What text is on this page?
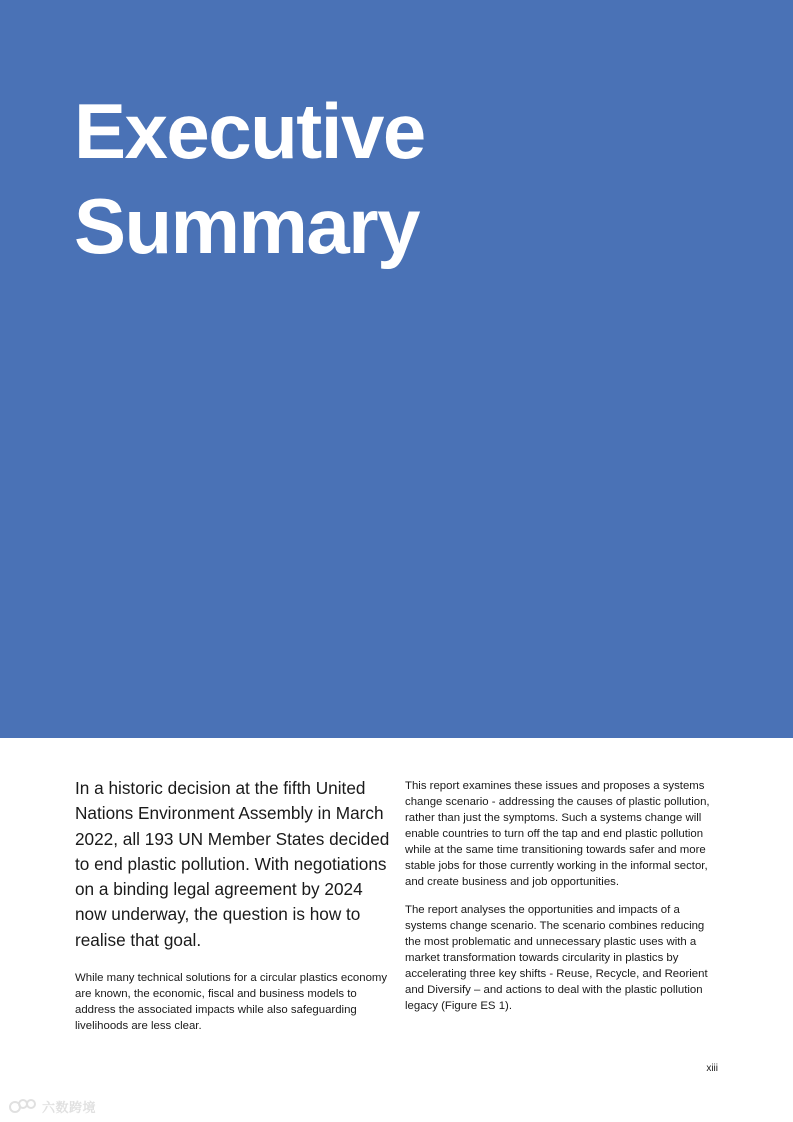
Executive
Summary

In a historic decision at the fifth United Nations Environment Assembly in March 2022, all 193 UN Member States decided to end plastic pollution. With negotiations on a binding legal agreement by 2024 now underway, the question is how to realise that goal.

While many technical solutions for a circular plastics economy are known, the economic, fiscal and business models to address the associated impacts while also safeguarding livelihoods are less clear.

This report examines these issues and proposes a systems change scenario - addressing the causes of plastic pollution, rather than just the symptoms. Such a systems change will enable countries to turn off the tap and end plastic pollution while at the same time transitioning towards safer and more stable jobs for those currently working in the informal sector, and create business and job opportunities.

The report analyses the opportunities and impacts of a systems change scenario. The scenario combines reducing the most problematic and unnecessary plastic uses with a market transformation towards circularity in plastics by accelerating three key shifts - Reuse, Recycle, and Reorient and Diversify – and actions to deal with the plastic pollution legacy (Figure ES 1).

xiii
六数跨境
